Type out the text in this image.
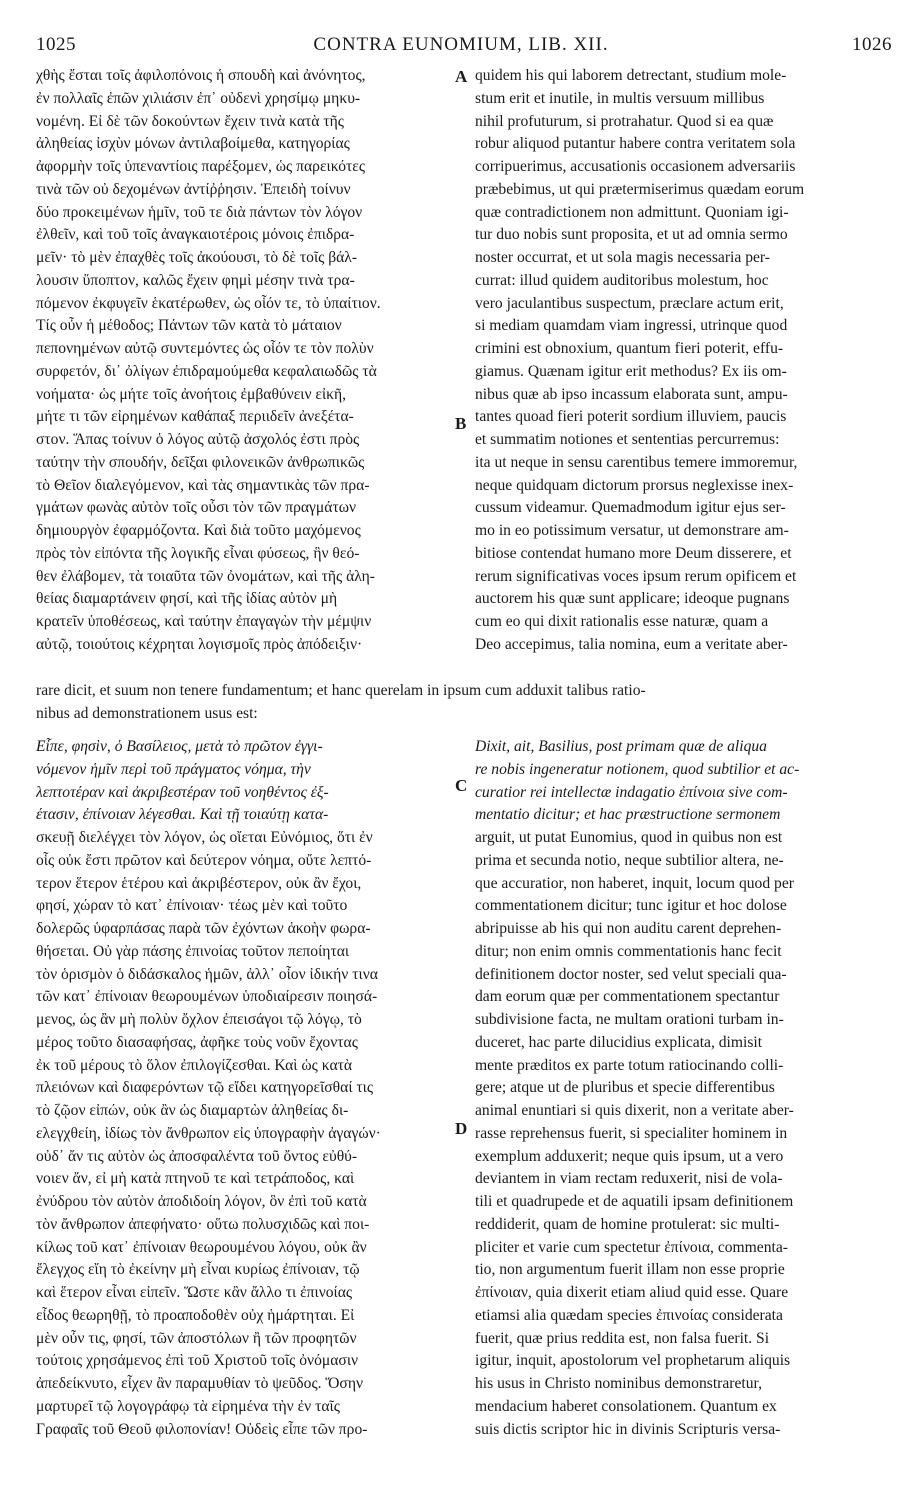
CONTRA EUNOMIUM, LIB. XII.
1025	1026
χθὴς ἔσται τοῖς ἀφιλοπόνοις ἡ σπουδὴ καὶ ἀνόνητος,
ἐν πολλαῖς ἐπῶν χιλιάσιν ἐπ᾽ οὐδενὶ χρησίμῳ μηκυ-
νομένη. Εἰ δὲ τῶν δοκούντων ἔχειν τινὰ κατὰ τῆς
ἀληθείας ἰσχὺν μόνων ἀντιλαβοίμεθα, κατηγορίας
ἀφορμὴν τοῖς ὑπεναντίοις παρέξομεν, ὡς παρεικότες
τινὰ τῶν οὐ δεχομένων ἀντίῤῥησιν. Ἐπειδὴ τοίνυν
δύο προκειμένων ἡμῖν, τοῦ τε διὰ πάντων τὸν λόγον
ἐλθεῖν, καὶ τοῦ τοῖς ἀναγκαιοτέροις μόνοις ἐπιδρα-
μεῖν· τὸ μὲν ἐπαχθὲς τοῖς ἀκούουσι, τὸ δὲ τοῖς βάλ-
λουσιν ὕποπτον, καλῶς ἔχειν φημὶ μέσην τινὰ τρα-
πόμενον ἐκφυγεῖν ἑκατέρωθεν, ὡς οἷόν τε, τὸ ὑπαίτιον.
Τίς οὖν ἡ μέθοδος; Πάντων τῶν κατὰ τὸ μάταιον
πεπονημένων αὐτῷ συντεμόντες ὡς οἷόν τε τὸν πολὺν
συρφετόν, δι᾽ ὀλίγων ἐπιδραμούμεθα κεφαλαιωδῶς τὰ
νοήματα· ὡς μήτε τοῖς ἀνοήτοις ἐμβαθύνειν εἰκῆ,
μήτε τι τῶν εἰρημένων καθάπαξ περιιδεῖν ἀνεξέτα-
στον. Ἅπας τοίνυν ὁ λόγος αὐτῷ ἀσχολός ἐστι πρὸς
ταύτην τὴν σπουδήν, δεῖξαι φιλονεικῶν ἀνθρωπικῶς
τὸ Θεῖον διαλεγόμενον, καὶ τὰς σημαντικὰς τῶν πρα-
γμάτων φωνὰς αὐτὸν τοῖς οὖσι τὸν τῶν πραγμάτων
δημιουργὸν ἐφαρμόζοντα. Καὶ διὰ τοῦτο μαχόμενος
πρὸς τὸν εἰπόντα τῆς λογικῆς εἶναι φύσεως, ἣν θεό-
θεν ἐλάβομεν, τὰ τοιαῦτα τῶν ὀνομάτων, καὶ τῆς ἀλη-
θείας διαμαρτάνειν φησί, καὶ τῆς ἰδίας αὐτὸν μὴ
κρατεῖν ὑποθέσεως, καὶ ταύτην ἐπαγαγὼν τὴν μέμψιν
αὐτῷ, τοιούτοις κέχρηται λογισμοῖς πρὸς ἀπόδειξιν·
quidem his qui laborem detrectant, studium mole-
stum erit et inutile, in multis versuum millibus
nihil profuturum, si protrahatur. Quod si ea quæ
robur aliquod putantur habere contra veritatem sola
corripuerimus, accusationis occasionem adversariis
præbebimus, ut qui prætermiserimus quædam eorum
quæ contradictionem non admittunt. Quoniam igi-
tur duo nobis sunt proposita, et ut ad omnia sermo
noster occurrat, et ut sola magis necessaria per-
currat: illud quidem auditoribus molestum, hoc
vero jaculantibus suspectum, præclare actum erit,
si mediam quamdam viam ingressi, utrinque quod
crimini est obnoxium, quantum fieri poterit, effu-
giamus. Quænam igitur erit methodus? Ex iis om-
nibus quæ ab ipso incassum elaborata sunt, ampu-
tantes quoad fieri poterit sordium illuviem, paucis
et summatim notiones et sententias percurremus:
ita ut neque in sensu carentibus temere immoremur,
neque quidquam dictorum prorsus neglexisse inex-
cussum videamur. Quemadmodum igitur ejus ser-
mo in eo potissimum versatur, ut demonstrare am-
bitiose contendat humano more Deum disserere, et
rerum significativas voces ipsum rerum opificem et
auctorem his quæ sunt applicare; ideoque pugnans
cum eo qui dixit rationalis esse naturæ, quam a
Deo accepimus, talia nomina, eum a veritate aber-
rare dicit, et suum non tenere fundamentum; et hanc querelam in ipsum cum adduxit talibus ratio-
nibus ad demonstrationem usus est:
Εἶπε, φησὶν, ὁ Βασίλειος, μετὰ τὸ πρῶτον ἐγγι-
νόμενον ἡμῖν περὶ τοῦ πράγματος νόημα, τὴν
λεπτοτέραν καὶ ἀκριβεστέραν τοῦ νοηθέντος ἐξ-
έτασιν, ἐπίνοιαν λέγεσθαι. Καὶ τῇ τοιαύτῃ κατα-
σκευῇ διελέγχει τὸν λόγον, ὡς οἴεται Εὐνόμιος, ὅτι ἐν
οἷς οὐκ ἔστι πρῶτον καὶ δεύτερον νόημα, οὔτε λεπτό-
τερον ἕτερον ἑτέρου καὶ ἀκριβέστερον, οὐκ ἂν ἔχοι,
φησί, χώραν τὸ κατ᾽ ἐπίνοιαν· τέως μὲν καὶ τοῦτο
δολερῶς ὑφαρπάσας παρὰ τῶν ἐχόντων ἀκοὴν φωρα-
θήσεται. Οὐ γὰρ πάσης ἐπινοίας τοῦτον πεποίηται
τὸν ὁρισμὸν ὁ διδάσκαλος ἡμῶν, ἀλλ᾽ οἷον ἰδικήν τινα
τῶν κατ᾽ ἐπίνοιαν θεωρουμένων ὑποδιαίρεσιν ποιησά-
μενος, ὡς ἂν μὴ πολὺν ὄχλον ἐπεισάγοι τῷ λόγῳ, τὸ
μέρος τοῦτο διασαφήσας, ἀφῆκε τοὺς νοῦν ἔχοντας
ἐκ τοῦ μέρους τὸ ὅλον ἐπιλογίζεσθαι. Καὶ ὡς κατὰ
πλειόνων καὶ διαφερόντων τῷ εἴδει κατηγορεῖσθαί τις
τὸ ζῷον εἰπών, οὐκ ἂν ὡς διαμαρτὼν ἀληθείας δι-
ελεγχθείη, ἰδίως τὸν ἄνθρωπον εἰς ὑπογραφὴν ἀγαγών·
οὐδ᾽ ἄν τις αὐτὸν ὡς ἀποσφαλέντα τοῦ ὄντος εὐθύ-
νοιεν ἄν, εἰ μὴ κατὰ πτηνοῦ τε καὶ τετράποδος, καὶ
ἐνύδρου τὸν αὐτὸν ἀποδιδοίη λόγον, ὃν ἐπὶ τοῦ κατὰ
τὸν ἄνθρωπον ἀπεφήνατο· οὕτω πολυσχιδῶς καὶ ποι-
κίλως τοῦ κατ᾽ ἐπίνοιαν θεωρουμένου λόγου, οὐκ ἂν
ἔλεγχος εἴη τὸ ἐκείνην μὴ εἶναι κυρίως ἐπίνοιαν, τῷ
καὶ ἕτερον εἶναι εἰπεῖν. Ὥστε κἂν ἄλλο τι ἐπινοίας
εἶδος θεωρηθῇ, τὸ προαποδοθὲν οὐχ ἡμάρτηται. Εἰ
μὲν οὖν τις, φησί, τῶν ἀποστόλων ἢ τῶν προφητῶν
τούτοις χρησάμενος ἐπὶ τοῦ Χριστοῦ τοῖς ὀνόμασιν
ἀπεδείκνυτο, εἶχεν ἂν παραμυθίαν τὸ ψεῦδος. Ὅσην
μαρτυρεῖ τῷ λογογράφῳ τὰ εἰρημένα τὴν ἐν ταῖς
Γραφαῖς τοῦ Θεοῦ φιλοπονίαν! Οὐδεὶς εἶπε τῶν προ-
Dixit, ait, Basilius, post primam quæ de aliqua
re nobis ingeneratur notionem, quod subtilior et ac-
curatior rei intellectæ indagatio ἐπίνοια sive com-
mentatio dicitur; et hac præstructione sermonem
arguit, ut putat Eunomius, quod in quibus non est
prima et secunda notio, neque subtilior altera, ne-
que accuratior, non haberet, inquit, locum quod per
commentationem dicitur; tunc igitur et hoc dolose
abripuisse ab his qui non auditu carent deprehen-
ditur; non enim omnis commentationis hanc fecit
definitionem doctor noster, sed velut speciali qua-
dam eorum quæ per commentationem spectantur
subdivisione facta, ne multam orationi turbam in-
duceret, hac parte dilucidius explicata, dimisit
mente præditos ex parte totum ratiocinando colli-
gere; atque ut de pluribus et specie differentibus
animal enuntiari si quis dixerit, non a veritate aber-
rasse reprehensus fuerit, si specialiter hominem in
exemplum adduxerit; neque quis ipsum, ut a vero
deviantem in viam rectam reduxerit, nisi de vola-
tili et quadrupede et de aquatili ipsam definitionem
reddiderit, quam de homine protulerat: sic multi-
pliciter et varie cum spectetur ἐπίνοια, commenta-
tio, non argumentum fuerit illam non esse proprie
ἐπίνοιαν, quia dixerit etiam aliud quid esse. Quare
etiamsi alia quædam species ἐπινοίας considerata
fuerit, quæ prius reddita est, non falsa fuerit. Si
igitur, inquit, apostolorum vel prophetarum aliquis
his usus in Christo nominibus demonstraretur,
mendacium haberet consolationem. Quantum ex
suis dictis scriptor hic in divinis Scripturis versa-
A
B
C
D
